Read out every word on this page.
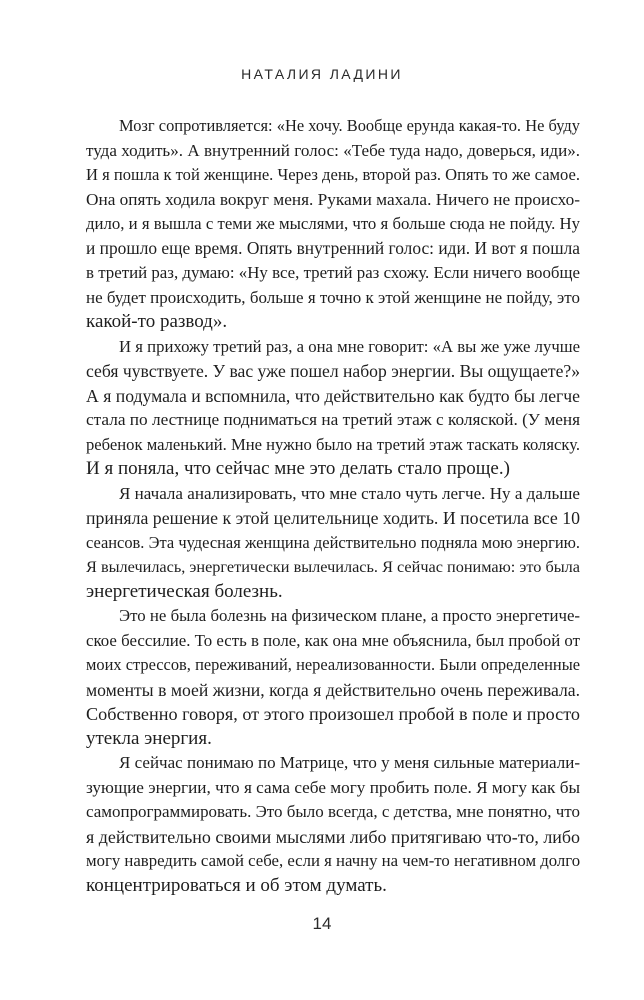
НАТАЛИЯ ЛАДИНИ
Мозг сопротивляется: «Не хочу. Вообще ерунда какая-то. Не буду
туда ходить». А внутренний голос: «Тебе туда надо, доверься, иди».
И я пошла к той женщине. Через день, второй раз. Опять то же самое.
Она опять ходила вокруг меня. Руками махала. Ничего не происхо-
дило, и я вышла с теми же мыслями, что я больше сюда не пойду. Ну
и прошло еще время. Опять внутренний голос: иди. И вот я пошла
в третий раз, думаю: «Ну все, третий раз схожу. Если ничего вообще
не будет происходить, больше я точно к этой женщине не пойду, это
какой-то развод».
И я прихожу третий раз, а она мне говорит: «А вы же уже лучше
себя чувствуете. У вас уже пошел набор энергии. Вы ощущаете?»
А я подумала и вспомнила, что действительно как будто бы легче
стала по лестнице подниматься на третий этаж с коляской. (У меня
ребенок маленький. Мне нужно было на третий этаж таскать коляску.
И я поняла, что сейчас мне это делать стало проще.)
Я начала анализировать, что мне стало чуть легче. Ну а дальше
приняла решение к этой целительнице ходить. И посетила все 10
сеансов. Эта чудесная женщина действительно подняла мою энергию.
Я вылечилась, энергетически вылечилась. Я сейчас понимаю: это была
энергетическая болезнь.
Это не была болезнь на физическом плане, а просто энергетиче-
ское бессилие. То есть в поле, как она мне объяснила, был пробой от
моих стрессов, переживаний, нереализованности. Были определенные
моменты в моей жизни, когда я действительно очень переживала.
Собственно говоря, от этого произошел пробой в поле и просто
утекла энергия.
Я сейчас понимаю по Матрице, что у меня сильные материали-
зующие энергии, что я сама себе могу пробить поле. Я могу как бы
самопрограммировать. Это было всегда, с детства, мне понятно, что
я действительно своими мыслями либо притягиваю что-то, либо
могу навредить самой себе, если я начну на чем-то негативном долго
концентрироваться и об этом думать.
14
